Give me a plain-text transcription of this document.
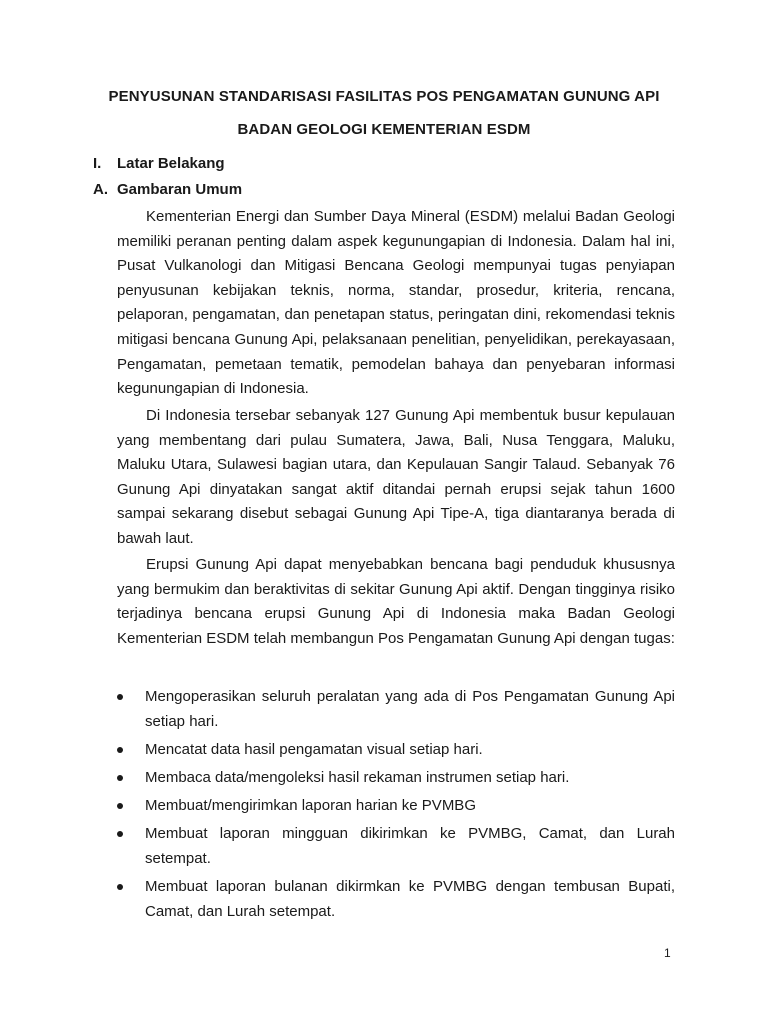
PENYUSUNAN STANDARISASI FASILITAS POS PENGAMATAN GUNUNG API
BADAN GEOLOGI KEMENTERIAN ESDM
I. Latar Belakang
A. Gambaran Umum

Kementerian Energi dan Sumber Daya Mineral (ESDM) melalui Badan Geologi memiliki peranan penting dalam aspek kegunungapian di Indonesia. Dalam hal ini, Pusat Vulkanologi dan Mitigasi Bencana Geologi mempunyai tugas penyiapan penyusunan kebijakan teknis, norma, standar, prosedur, kriteria, rencana, pelaporan, pengamatan, dan penetapan status, peringatan dini, rekomendasi teknis mitigasi bencana Gunung Api, pelaksanaan penelitian, penyelidikan, perekayasaan, Pengamatan, pemetaan tematik, pemodelan bahaya dan penyebaran informasi kegunungapian di Indonesia.

Di Indonesia tersebar sebanyak 127 Gunung Api membentuk busur kepulauan yang membentang dari pulau Sumatera, Jawa, Bali, Nusa Tenggara, Maluku, Maluku Utara, Sulawesi bagian utara, dan Kepulauan Sangir Talaud. Sebanyak 76 Gunung Api dinyatakan sangat aktif ditandai pernah erupsi sejak tahun 1600 sampai sekarang disebut sebagai Gunung Api Tipe-A, tiga diantaranya berada di bawah laut.

Erupsi Gunung Api dapat menyebabkan bencana bagi penduduk khususnya yang bermukim dan beraktivitas di sekitar Gunung Api aktif. Dengan tingginya risiko terjadinya bencana erupsi Gunung Api di Indonesia maka Badan Geologi Kementerian ESDM telah membangun Pos Pengamatan Gunung Api dengan tugas:

Mengoperasikan seluruh peralatan yang ada di Pos Pengamatan Gunung Api setiap hari.
Mencatat data hasil pengamatan visual setiap hari.
Membaca data/mengoleksi hasil rekaman instrumen setiap hari.
Membuat/mengirimkan laporan harian ke PVMBG
Membuat laporan mingguan dikirimkan ke PVMBG, Camat, dan Lurah setempat.
Membuat laporan bulanan dikirmkan ke PVMBG dengan tembusan Bupati, Camat, dan Lurah setempat.
1
